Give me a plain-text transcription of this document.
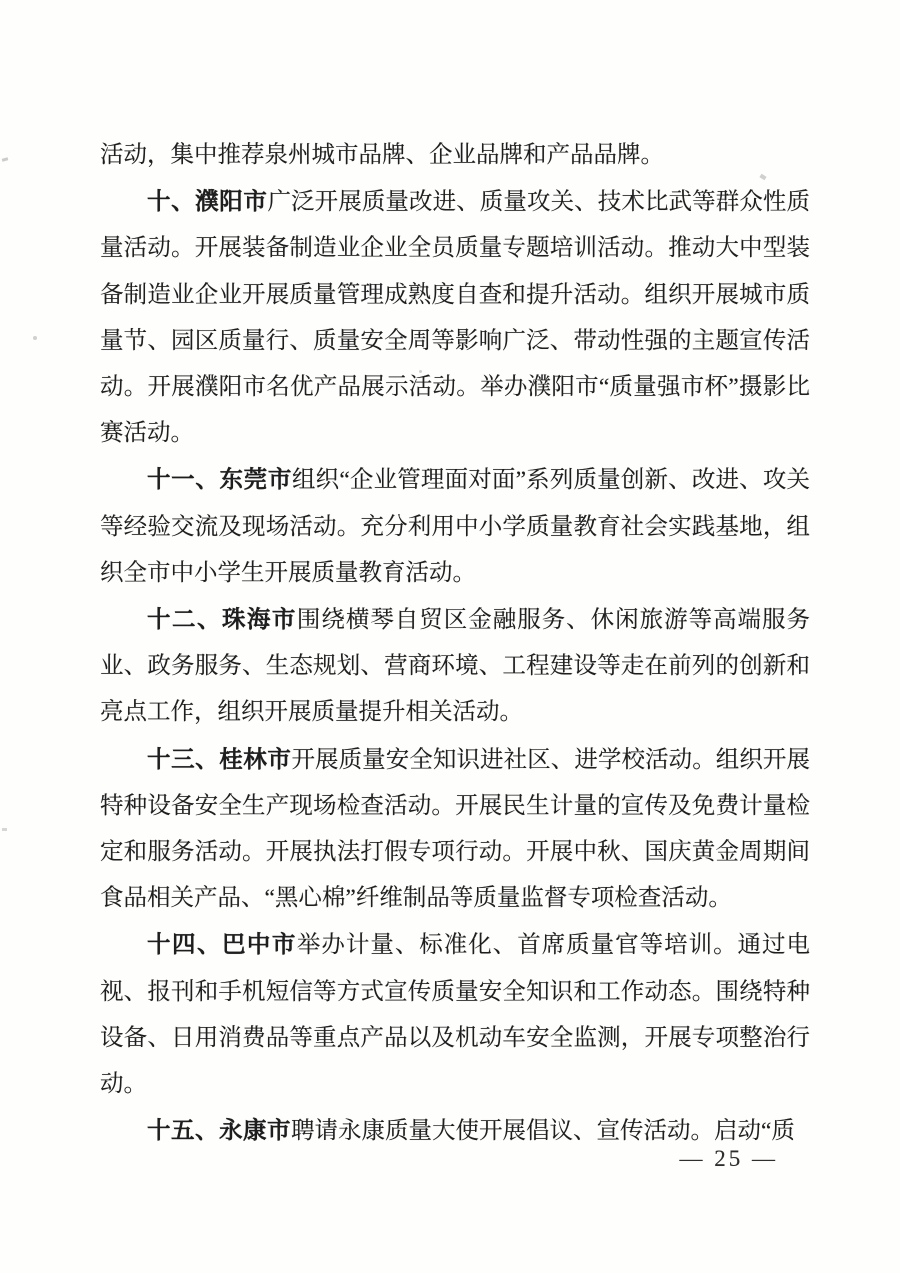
活动，集中推荐泉州城市品牌、企业品牌和产品品牌。

十、濮阳市广泛开展质量改进、质量攻关、技术比武等群众性质量活动。开展装备制造业企业全员质量专题培训活动。推动大中型装备制造业企业开展质量管理成熟度自查和提升活动。组织开展城市质量节、园区质量行、质量安全周等影响广泛、带动性强的主题宣传活动。开展濮阳市名优产品展示活动。举办濮阳市“质量强市杯”摄影比赛活动。

十一、东莞市组织“企业管理面对面”系列质量创新、改进、攻关等经验交流及现场活动。充分利用中小学质量教育社会实践基地，组织全市中小学生开展质量教育活动。

十二、珠海市围绕横琴自贸区金融服务、休闲旅游等高端服务业、政务服务、生态规划、营商环境、工程建设等走在前列的创新和亮点工作，组织开展质量提升相关活动。

十三、桂林市开展质量安全知识进社区、进学校活动。组织开展特种设备安全生产现场检查活动。开展民生计量的宣传及免费计量检定和服务活动。开展执法打假专项行动。开展中秋、国庆黄金周期间食品相关产品、“黑心棉”纤维制品等质量监督专项检查活动。

十四、巴中市举办计量、标准化、首席质量官等培训。通过电视、报刊和手机短信等方式宣传质量安全知识和工作动态。围绕特种设备、日用消费品等重点产品以及机动车安全监测，开展专项整治行动。

十五、永康市聘请永康质量大使开展倡议、宣传活动。启动“质

— 25 —
